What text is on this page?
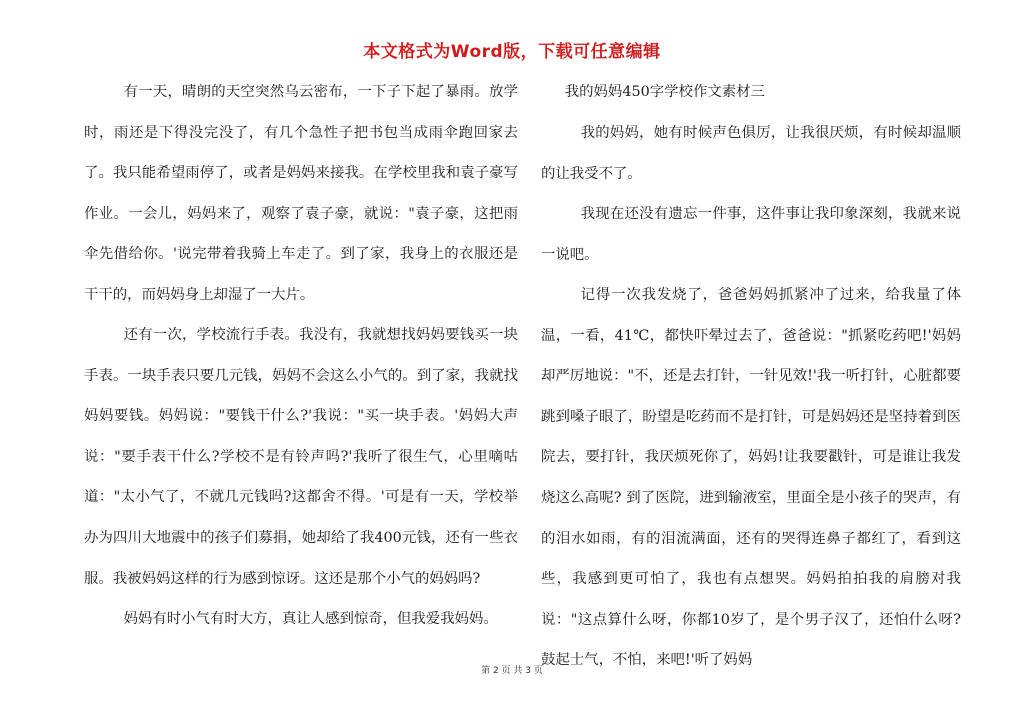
本文格式为Word版，下载可任意编辑

有一天，晴朗的天空突然乌云密布，一下子下起了暴雨。放学时，雨还是下得没完没了，有几个急性子把书包当成雨伞跑回家去了。我只能希望雨停了，或者是妈妈来接我。在学校里我和袁子豪写作业。一会儿，妈妈来了，观察了袁子豪，就说："袁子豪，这把雨伞先借给你。'说完带着我骑上车走了。到了家，我身上的衣服还是干干的，而妈妈身上却湿了一大片。

还有一次，学校流行手表。我没有，我就想找妈妈要钱买一块手表。一块手表只要几元钱，妈妈不会这么小气的。到了家，我就找妈妈要钱。妈妈说："要钱干什么?'我说："买一块手表。'妈妈大声说："要手表干什么?学校不是有铃声吗?'我听了很生气，心里嘀咕道："太小气了，不就几元钱吗?这都舍不得。'可是有一天，学校举办为四川大地震中的孩子们募捐，她却给了我400元钱，还有一些衣服。我被妈妈这样的行为感到惊讶。这还是那个小气的妈妈吗?

妈妈有时小气有时大方，真让人感到惊奇，但我爱我妈妈。

我的妈妈450字学校作文素材三

我的妈妈，她有时候声色俱厉，让我很厌烦，有时候却温顺的让我受不了。

我现在还没有遗忘一件事，这件事让我印象深刻，我就来说一说吧。

记得一次我发烧了，爸爸妈妈抓紧冲了过来，给我量了体温，一看，41℃，都快吓晕过去了，爸爸说："抓紧吃药吧!'妈妈却严厉地说："不，还是去打针，一针见效!'我一听打针，心脏都要跳到嗓子眼了，盼望是吃药而不是打针，可是妈妈还是坚持着到医院去，要打针，我厌烦死你了，妈妈!让我要戳针，可是谁让我发烧这么高呢? 到了医院，进到输液室，里面全是小孩子的哭声，有的泪水如雨，有的泪流满面，还有的哭得连鼻子都红了，看到这些，我感到更可怕了，我也有点想哭。妈妈拍拍我的肩膀对我说："这点算什么呀，你都10岁了，是个男子汉了，还怕什么呀?鼓起士气，不怕，来吧!'听了妈妈

第 2 页 共 3 页
